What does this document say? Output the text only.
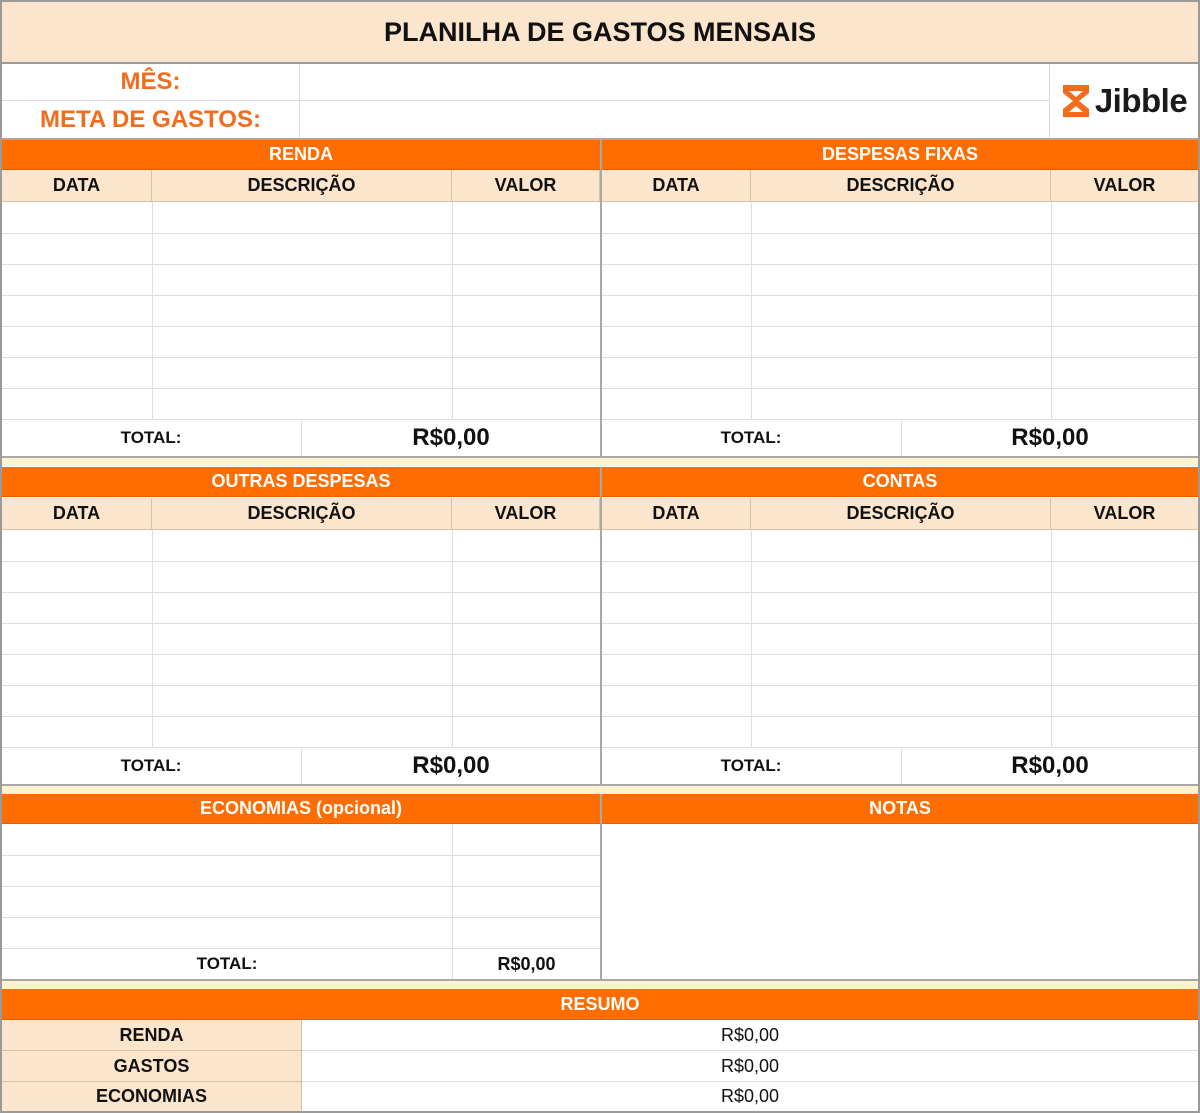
PLANILHA DE GASTOS MENSAIS
MÊS:
META DE GASTOS:	Jibble
RENDA	DESPESAS FIXAS
DATA	DESCRIÇÃO	VALOR	DATA	DESCRIÇÃO	VALOR
TOTAL:	R$0,00	TOTAL:	R$0,00
OUTRAS DESPESAS	CONTAS
DATA	DESCRIÇÃO	VALOR	DATA	DESCRIÇÃO	VALOR
TOTAL:	R$0,00	TOTAL:	R$0,00
ECONOMIAS (opcional)	NOTAS
TOTAL:	R$0,00
RESUMO
RENDA	R$0,00
GASTOS	R$0,00
ECONOMIAS	R$0,00
